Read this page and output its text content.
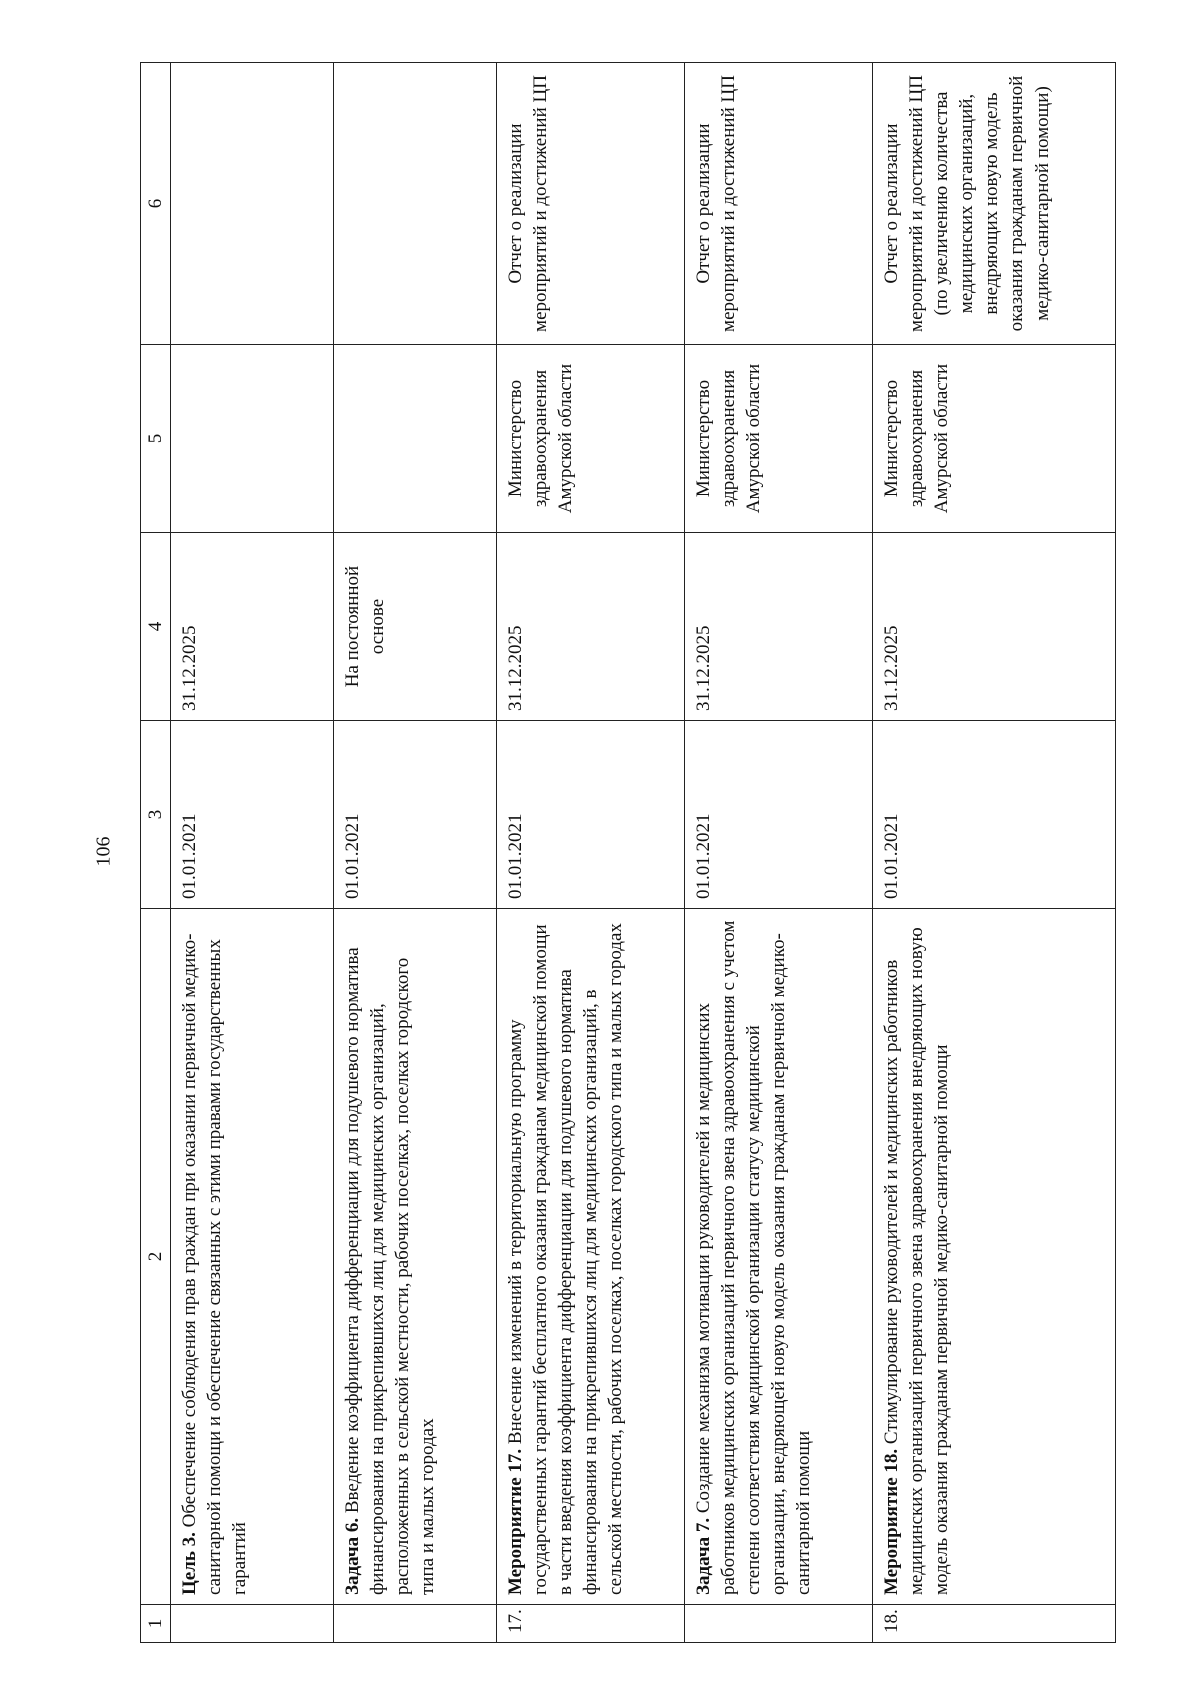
106
1	2	3	4	5	6
	Цель 3. Обеспечение соблюдения прав граждан при оказании первичной медико-санитарной помощи и обеспечение связанных с этими правами государственных гарантий	01.01.2021	31.12.2025		
	Задача 6. Введение коэффициента дифференциации для подушевого норматива финансирования на прикрепившихся лиц для медицинских организаций, расположенных в сельской местности, рабочих поселках, поселках городского типа и малых городах	01.01.2021	На постоянной основе		
17.	Мероприятие 17. Внесение изменений в территориальную программу государственных гарантий бесплатного оказания гражданам медицинской помощи в части введения коэффициента дифференциации для подушевого норматива финансирования на прикрепившихся лиц для медицинских организаций, в сельской местности, рабочих поселках, поселках городского типа и малых городах	01.01.2021	31.12.2025	Министерство здравоохранения Амурской области	Отчет о реализации мероприятий и достижений ЦП
	Задача 7. Создание механизма мотивации руководителей и медицинских работников медицинских организаций первичного звена здравоохранения с учетом степени соответствия медицинской организации статусу медицинской организации, внедряющей новую модель оказания гражданам первичной медико-санитарной помощи	01.01.2021	31.12.2025	Министерство здравоохранения Амурской области	Отчет о реализации мероприятий и достижений ЦП
18.	Мероприятие 18. Стимулирование руководителей и медицинских работников медицинских организаций первичного звена здравоохранения внедряющих новую модель оказания гражданам первичной медико-санитарной помощи	01.01.2021	31.12.2025	Министерство здравоохранения Амурской области	Отчет о реализации мероприятий и достижений ЦП (по увеличению количества медицинских организаций, внедряющих новую модель оказания гражданам первичной медико-санитарной помощи)
